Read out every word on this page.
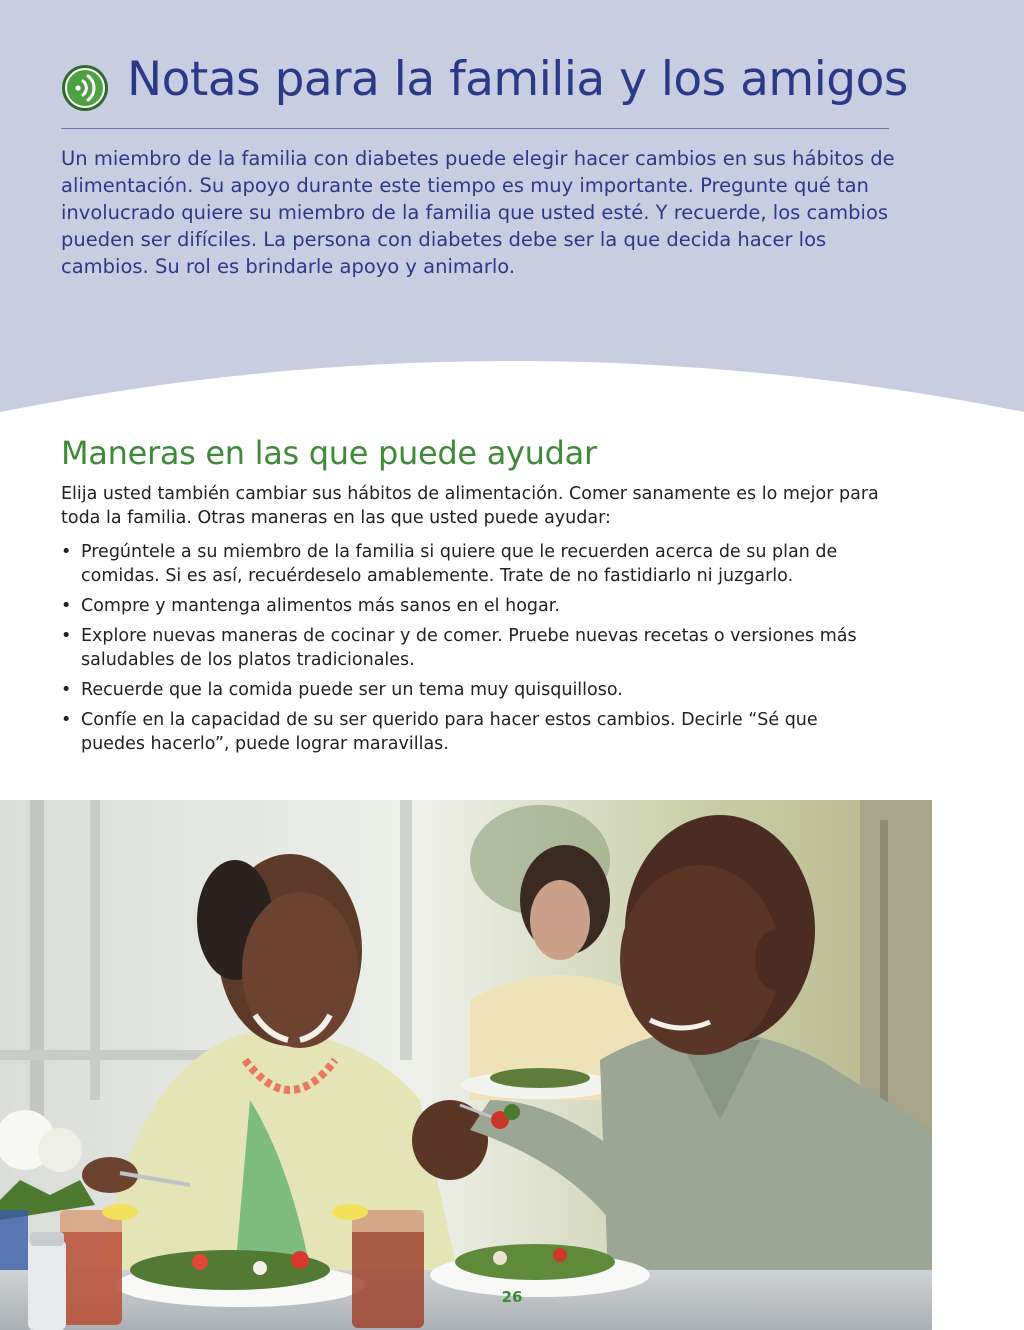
Notas para la familia y los amigos

Un miembro de la familia con diabetes puede elegir hacer cambios en sus hábitos de alimentación. Su apoyo durante este tiempo es muy importante. Pregunte qué tan involucrado quiere su miembro de la familia que usted esté. Y recuerde, los cambios pueden ser difíciles. La persona con diabetes debe ser la que decida hacer los cambios. Su rol es brindarle apoyo y animarlo.

Maneras en las que puede ayudar

Elija usted también cambiar sus hábitos de alimentación. Comer sanamente es lo mejor para toda la familia. Otras maneras en las que usted puede ayudar:

• Pregúntele a su miembro de la familia si quiere que le recuerden acerca de su plan de comidas. Si es así, recuérdeselo amablemente. Trate de no fastidiarlo ni juzgarlo.
• Compre y mantenga alimentos más sanos en el hogar.
• Explore nuevas maneras de cocinar y de comer. Pruebe nuevas recetas o versiones más saludables de los platos tradicionales.
• Recuerde que la comida puede ser un tema muy quisquilloso.
• Confíe en la capacidad de su ser querido para hacer estos cambios. Decirle “Sé que puedes hacerlo”, puede lograr maravillas.
26
